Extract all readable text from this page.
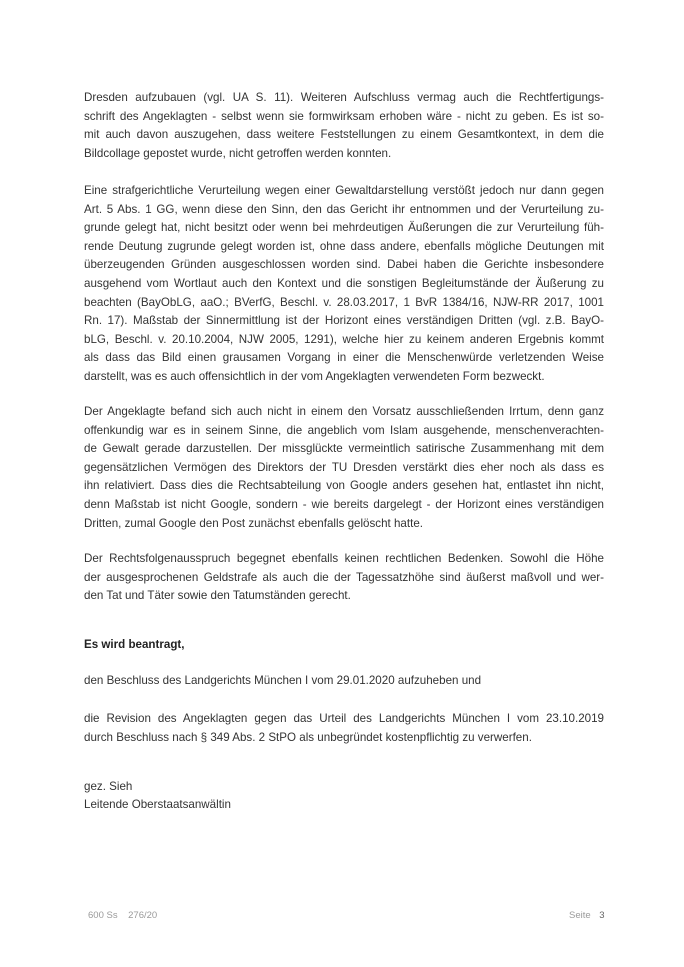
Dresden aufzubauen (vgl. UA S. 11). Weiteren Aufschluss vermag auch die Rechtfertigungs-
schrift des Angeklagten - selbst wenn sie formwirksam erhoben wäre - nicht zu geben. Es ist so-
mit auch davon auszugehen, dass weitere Feststellungen zu einem Gesamtkontext, in dem die
Bildcollage gepostet wurde, nicht getroffen werden konnten.
Eine strafgerichtliche Verurteilung wegen einer Gewaltdarstellung verstößt jedoch nur dann gegen
Art. 5 Abs. 1 GG, wenn diese den Sinn, den das Gericht ihr entnommen und der Verurteilung zu-
grunde gelegt hat, nicht besitzt oder wenn bei mehrdeutigen Äußerungen die zur Verurteilung füh-
rende Deutung zugrunde gelegt worden ist, ohne dass andere, ebenfalls mögliche Deutungen mit
überzeugenden Gründen ausgeschlossen worden sind. Dabei haben die Gerichte insbesondere
ausgehend vom Wortlaut auch den Kontext und die sonstigen Begleitumstände der Äußerung zu
beachten (BayObLG, aaO.; BVerfG, Beschl. v. 28.03.2017, 1 BvR 1384/16, NJW-RR 2017, 1001
Rn. 17). Maßstab der Sinnermittlung ist der Horizont eines verständigen Dritten (vgl. z.B. BayO-
bLG, Beschl. v. 20.10.2004, NJW 2005, 1291), welche hier zu keinem anderen Ergebnis kommt
als dass das Bild einen grausamen Vorgang in einer die Menschenwürde verletzenden Weise
darstellt, was es auch offensichtlich in der vom Angeklagten verwendeten Form bezweckt.
Der Angeklagte befand sich auch nicht in einem den Vorsatz ausschließenden Irrtum, denn ganz
offenkundig war es in seinem Sinne, die angeblich vom Islam ausgehende, menschenverachten-
de Gewalt gerade darzustellen. Der missglückte vermeintlich satirische Zusammenhang mit dem
gegensätzlichen Vermögen des Direktors der TU Dresden verstärkt dies eher noch als dass es
ihn relativiert. Dass dies die Rechtsabteilung von Google anders gesehen hat, entlastet ihn nicht,
denn Maßstab ist nicht Google, sondern - wie bereits dargelegt - der Horizont eines verständigen
Dritten, zumal Google den Post zunächst ebenfalls gelöscht hatte.
Der Rechtsfolgenausspruch begegnet ebenfalls keinen rechtlichen Bedenken. Sowohl die Höhe
der ausgesprochenen Geldstrafe als auch die der Tagessatzhöhe sind äußerst maßvoll und wer-
den Tat und Täter sowie den Tatumständen gerecht.
Es wird beantragt,
den Beschluss des Landgerichts München I vom 29.01.2020 aufzuheben und
die Revision des Angeklagten gegen das Urteil des Landgerichts München I vom 23.10.2019
durch Beschluss nach § 349 Abs. 2 StPO als unbegründet kostenpflichtig zu verwerfen.
gez. Sieh
Leitende Oberstaatsanwältin
600 Ss    276/20	Seite 3
